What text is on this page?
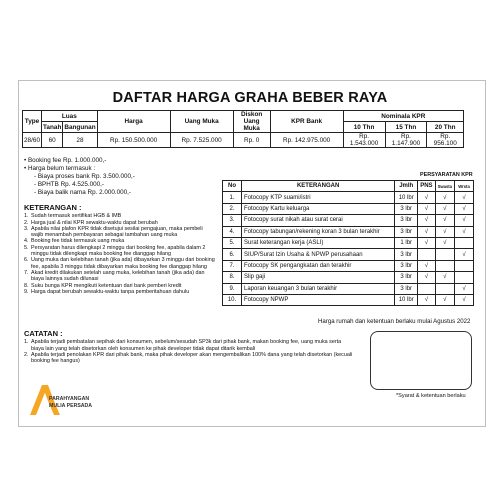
DAFTAR HARGA GRAHA BEBER RAYA
Type	Luas		Harga	Uang Muka	Diskon Uang Muka	KPR Bank	Nominala KPR		
	Tanah	Bangunan					10 Thn	15 Thn	20 Thn
28/60	60	28	Rp. 150.500.000	Rp. 7.525.000	Rp. 0	Rp. 142.975.000	Rp. 1.543.000	Rp. 1.147.900	Rp. 956.100
• Booking fee Rp. 1.000.000,-
• Harga belum termasuk :
- Biaya proses bank Rp. 3.500.000,-
- BPHTB Rp. 4.525.000,-
- Biaya balik nama Rp. 2.000.000,-
KETERANGAN :
1. Sudah termasuk sertifikat HGB & IMB
2. Harga jual & nilai KPR sewaktu-waktu dapat berubah
3. Apabila nilai plafon KPR tidak disetujui sesilai pengajuan, maka pembeli wajib menambah pembayaran sebagai tambahan uang muka
4. Booking fee tidak termasuk uang muka
5. Persyaratan harus dilengkapi 2 minggu dari booking fee, apabila dalam 2 minggu tidak dilengkapi maka booking fee dianggap hilang
6. Uang muka dan kelebihan tanah (jika ada) dibayarkan 3 minggu dari booking fee, apabila 3 minggu tidak dibayarkan maka booking fee dianggap hilang
7. Akad kredit dilakukan setelah uang muka, kelebihan tanah (jika ada) dan biaya lainnya sudah dilunasi
8. Suku bunga KPR mengikuti ketentuan dari bank pemberi kredit
9. Harga dapat berubah sewaktu-waktu tanpa pemberitahuan dahulu
PERSYARATAN KPR
No	KETERANGAN	Jmlh	PNS	Swasta	Wrsta
1.	Fotocopy KTP suami/istri	10 lbr	√	√	√
2.	Fotocopy Kartu keluarga	3 lbr	√	√	√
3.	Fotocopy surat nikah atau surat cerai	3 lbr	√	√	√
4.	Fotocopy tabungan/rekening koran 3 bulan terakhir	3 lbr	√	√	√
5.	Surat keterangan kerja (ASLI)	1 lbr	√	√	
6.	SIUP/Surat Izin Usaha & NPWP perusahaan	3 lbr			√
7.	Fotocopy SK pengangkatan dan terakhir	3 lbr	√		
8.	Slip gaji	3 lbr	√	√	
9.	Laporan keuangan 3 bulan terakhir	3 lbr			√
10.	Fotocopy NPWP	10 lbr	√	√	√
Harga rumah dan ketentuan berlaku mulai Agustus 2022
CATATAN :
1. Apabila terjadi pembatalan sepihak dari konsumen, sebelum/sesudah SP3k dari pihak bank, makan booking fee, uang muka serta biaya lain yang telah disetorkan oleh konsumen ke pihak developer tidak dapat ditarik kembali
2. Apabila terjadi penolakan KPR dari pihak bank, maka pihak developer akan mengembalikan 100% dana yang telah disetorkan (kecuali booking fee hangus)
*Syarat & ketentuan berlaku
PARAHYANGAN
MULIA PERSADA
